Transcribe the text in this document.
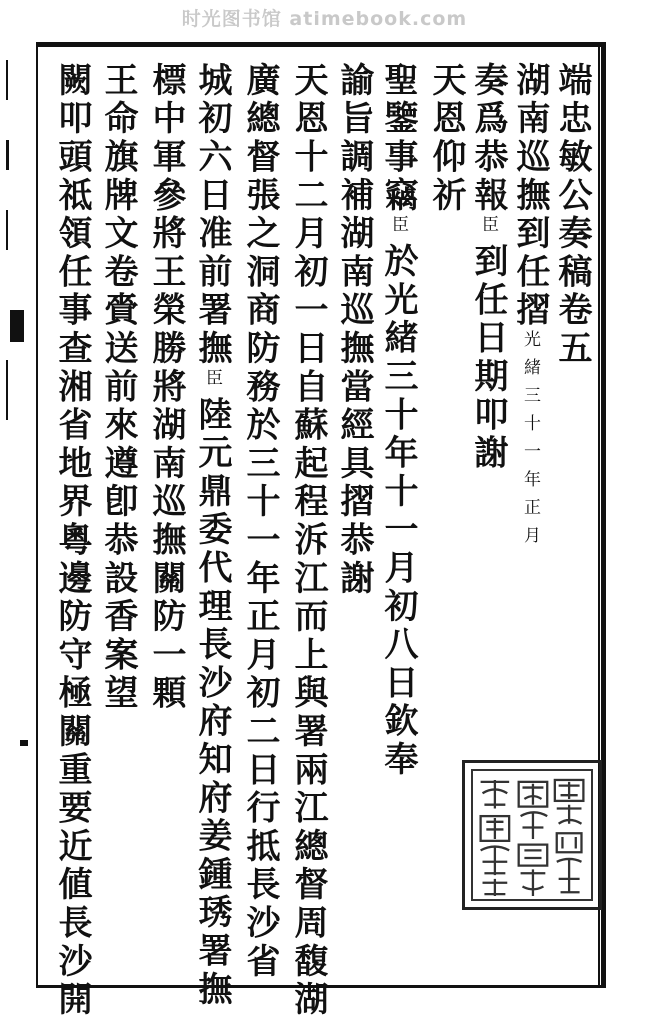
时光图书馆 atimebook.com
端忠敏公奏稿卷五
湖南巡撫到任摺光緒三十一年正月
奏爲恭報臣到任日期叩謝
天恩仰祈
聖鑒事竊臣於光緒三十年十一月初八日欽奉
諭旨調補湖南巡撫當經具摺恭謝
天恩十二月初一日自蘇起程泝江而上與署兩江總督周馥湖
廣總督張之洞商防務於三十一年正月初二日行抵長沙省
城初六日准前署撫臣陸元鼎委代理長沙府知府姜鍾琇署撫
標中軍參將王榮勝將湖南巡撫關防一顆
王命旗牌文卷賫送前來遵卽恭設香案望
闕叩頭祗領任事查湘省地界粵邊防守極關重要近値長沙開
